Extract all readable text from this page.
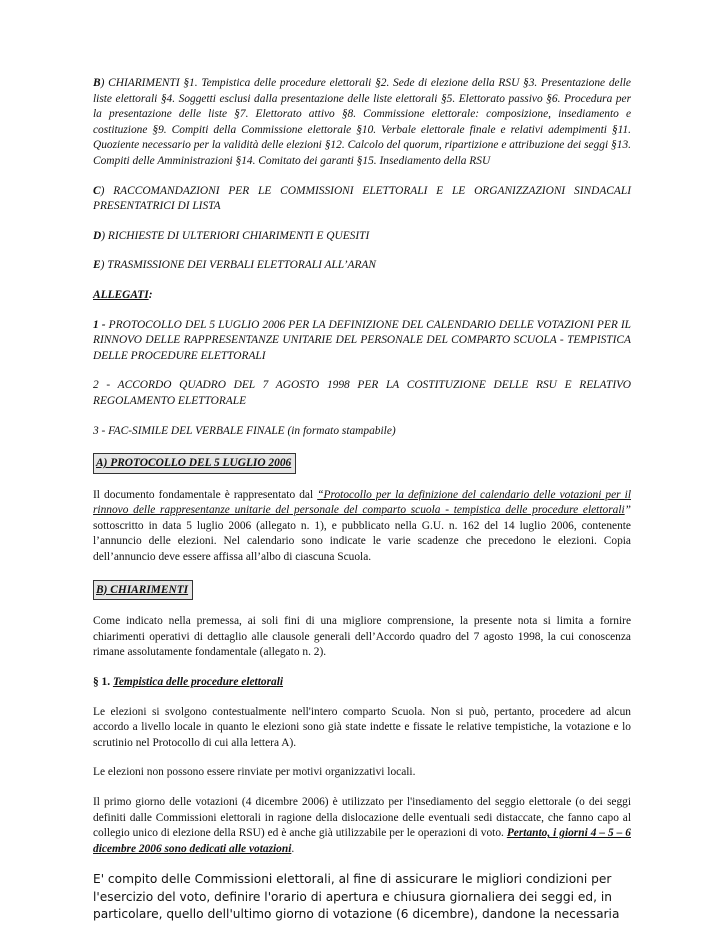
B) CHIARIMENTI §1. Tempistica delle procedure elettorali §2. Sede di elezione della RSU §3. Presentazione delle liste elettorali §4. Soggetti esclusi dalla presentazione delle liste elettorali §5. Elettorato passivo §6. Procedura per la presentazione delle liste §7. Elettorato attivo §8. Commissione elettorale: composizione, insediamento e costituzione §9. Compiti della Commissione elettorale §10. Verbale elettorale finale e relativi adempimenti §11. Quoziente necessario per la validità delle elezioni §12. Calcolo del quorum, ripartizione e attribuzione dei seggi §13. Compiti delle Amministrazioni §14. Comitato dei garanti §15. Insediamento della RSU

C) RACCOMANDAZIONI PER LE COMMISSIONI ELETTORALI E LE ORGANIZZAZIONI SINDACALI PRESENTATRICI DI LISTA

D) RICHIESTE DI ULTERIORI CHIARIMENTI E QUESITI

E) TRASMISSIONE DEI VERBALI ELETTORALI ALL’ARAN

ALLEGATI:

1 - PROTOCOLLO DEL 5 LUGLIO 2006 PER LA DEFINIZIONE DEL CALENDARIO DELLE VOTAZIONI PER IL RINNOVO DELLE RAPPRESENTANZE UNITARIE DEL PERSONALE DEL COMPARTO SCUOLA - TEMPISTICA DELLE PROCEDURE ELETTORALI

2 - ACCORDO QUADRO DEL 7 AGOSTO 1998 PER LA COSTITUZIONE DELLE RSU E RELATIVO REGOLAMENTO ELETTORALE

3 - FAC-SIMILE DEL VERBALE FINALE (in formato stampabile)

A) PROTOCOLLO DEL 5 LUGLIO 2006

Il documento fondamentale è rappresentato dal “Protocollo per la definizione del calendario delle votazioni per il rinnovo delle rappresentanze unitarie del personale del comparto scuola - tempistica delle procedure elettorali” sottoscritto in data 5 luglio 2006 (allegato n. 1), e pubblicato nella G.U. n. 162 del 14 luglio 2006, contenente l’annuncio delle elezioni. Nel calendario sono indicate le varie scadenze che precedono le elezioni. Copia dell’annuncio deve essere affissa all’albo di ciascuna Scuola.

B) CHIARIMENTI

Come indicato nella premessa, ai soli fini di una migliore comprensione, la presente nota si limita a fornire chiarimenti operativi di dettaglio alle clausole generali dell’Accordo quadro del 7 agosto 1998, la cui conoscenza rimane assolutamente fondamentale (allegato n. 2).

§ 1. Tempistica delle procedure elettorali

Le elezioni si svolgono contestualmente nell'intero comparto Scuola. Non si può, pertanto, procedere ad alcun accordo a livello locale in quanto le elezioni sono già state indette e fissate le relative tempistiche, la votazione e lo scrutinio nel Protocollo di cui alla lettera A).

Le elezioni non possono essere rinviate per motivi organizzativi locali.

Il primo giorno delle votazioni (4 dicembre 2006) è utilizzato per l'insediamento del seggio elettorale (o dei seggi definiti dalle Commissioni elettorali in ragione della dislocazione delle eventuali sedi distaccate, che fanno capo al collegio unico di elezione della RSU) ed è anche già utilizzabile per le operazioni di voto. Pertanto, i giorni 4 – 5 – 6 dicembre 2006 sono dedicati alle votazioni.

E' compito delle Commissioni elettorali, al fine di assicurare le migliori condizioni per l'esercizio del voto, definire l'orario di apertura e chiusura giornaliera dei seggi ed, in particolare, quello dell'ultimo giorno di votazione (6 dicembre), dandone la necessaria
